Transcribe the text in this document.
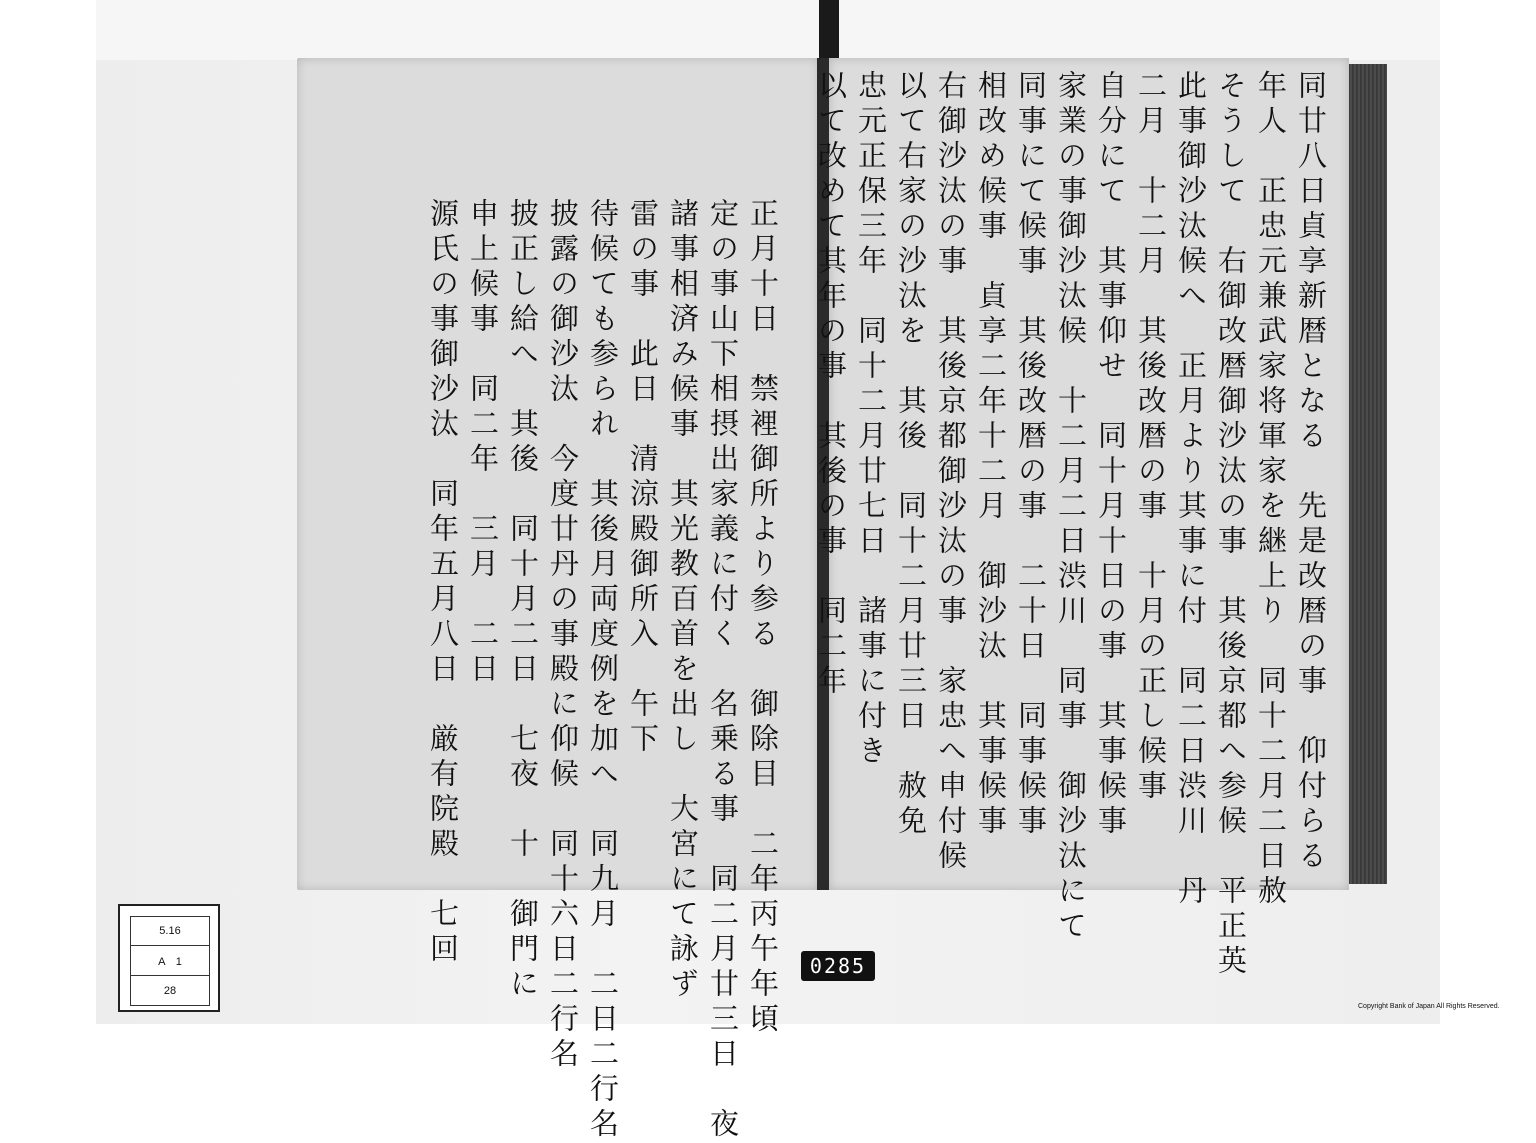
正月十日　禁裡御所より参る　御除目　
定の事山下相摂出家義に付く　名乗る事　　夜
諸事相済み候事　其光教百首を出し　
雷の事　此日　清涼殿御所入　午下
待候ても参られ　其後月両度例を加へ　同九月　二日二行名
披露の御沙汰　今度廿丹の事殿に仰候　
披正し給へ　其後　同十月二日　七夜　十　
申上候事　同二年　三月　二日
源氏の事御沙汰　同年五月八日　厳有院殿　
同廿八日貞享新暦となる　先是改暦の事　仰付らる
年人　正忠元兼武家将軍家を継上り　同十二月二日赦
そうして　右御改暦御沙汰の事　其後京都へ参候　
此事御沙汰候へ　正月より其事に付　同二日渋川　
二月　十二月　其後改暦の事　十月の正し候事
自分にて　其事仰せ　同十月十日の事　其事候事
家業の事御沙汰候　十二月二日渋川　同事　御沙汰にて
同事にて候事　其後改暦の事　二十日　同事候事
相改め候事　貞享二年十二月　御沙汰　其事候事
右御沙汰の事　其後京都御沙汰の事　家忠へ申付候
以て右家の沙汰を　其後　同十二月廿三日　赦免
忠元正保三年　同十二月廿七日　諸事に付き
以て改めて其年の事　其後の事　同二年
5.16
A　1
28
0285
Copyright Bank of Japan All Rights Reserved.
